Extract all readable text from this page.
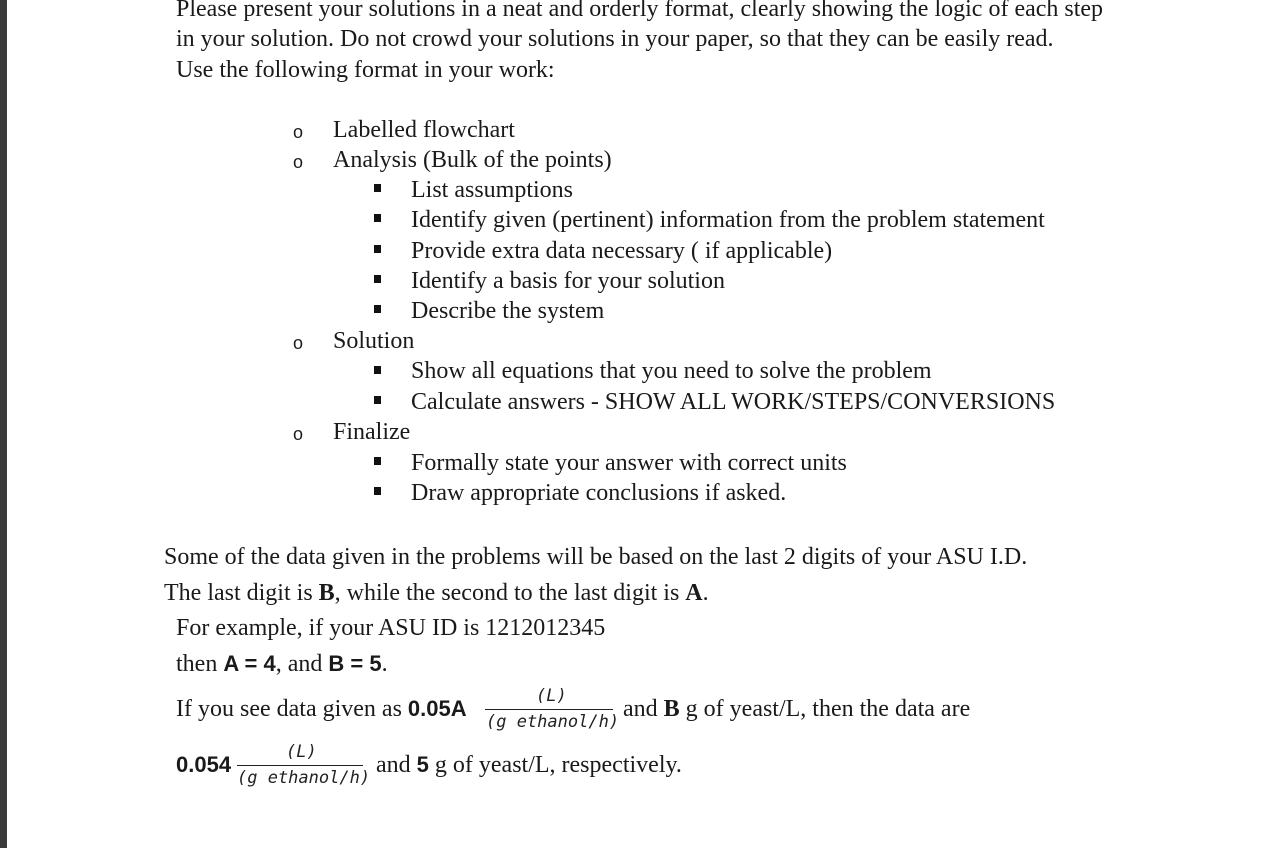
Please present your solutions in a neat and orderly format, clearly showing the logic of each step
in your solution. Do not crowd your solutions in your paper, so that they can be easily read.
Use the following format in your work:
o Labelled flowchart
o Analysis (Bulk of the points)
List assumptions
Identify given (pertinent) information from the problem statement
Provide extra data necessary ( if applicable)
Identify a basis for your solution
Describe the system
o Solution
Show all equations that you need to solve the problem
Calculate answers - SHOW ALL WORK/STEPS/CONVERSIONS
o Finalize
Formally state your answer with correct units
Draw appropriate conclusions if asked.
Some of the data given in the problems will be based on the last 2 digits of your ASU I.D.
The last digit is B, while the second to the last digit is A.
For example, if your ASU ID is 1212012345
then A = 4, and B = 5.
If you see data given as 0.05A	(L)
(g ethanol/h) and B g of yeast/L, then the data are
0.054	(L)
(g ethanol/h) and 5 g of yeast/L, respectively.
